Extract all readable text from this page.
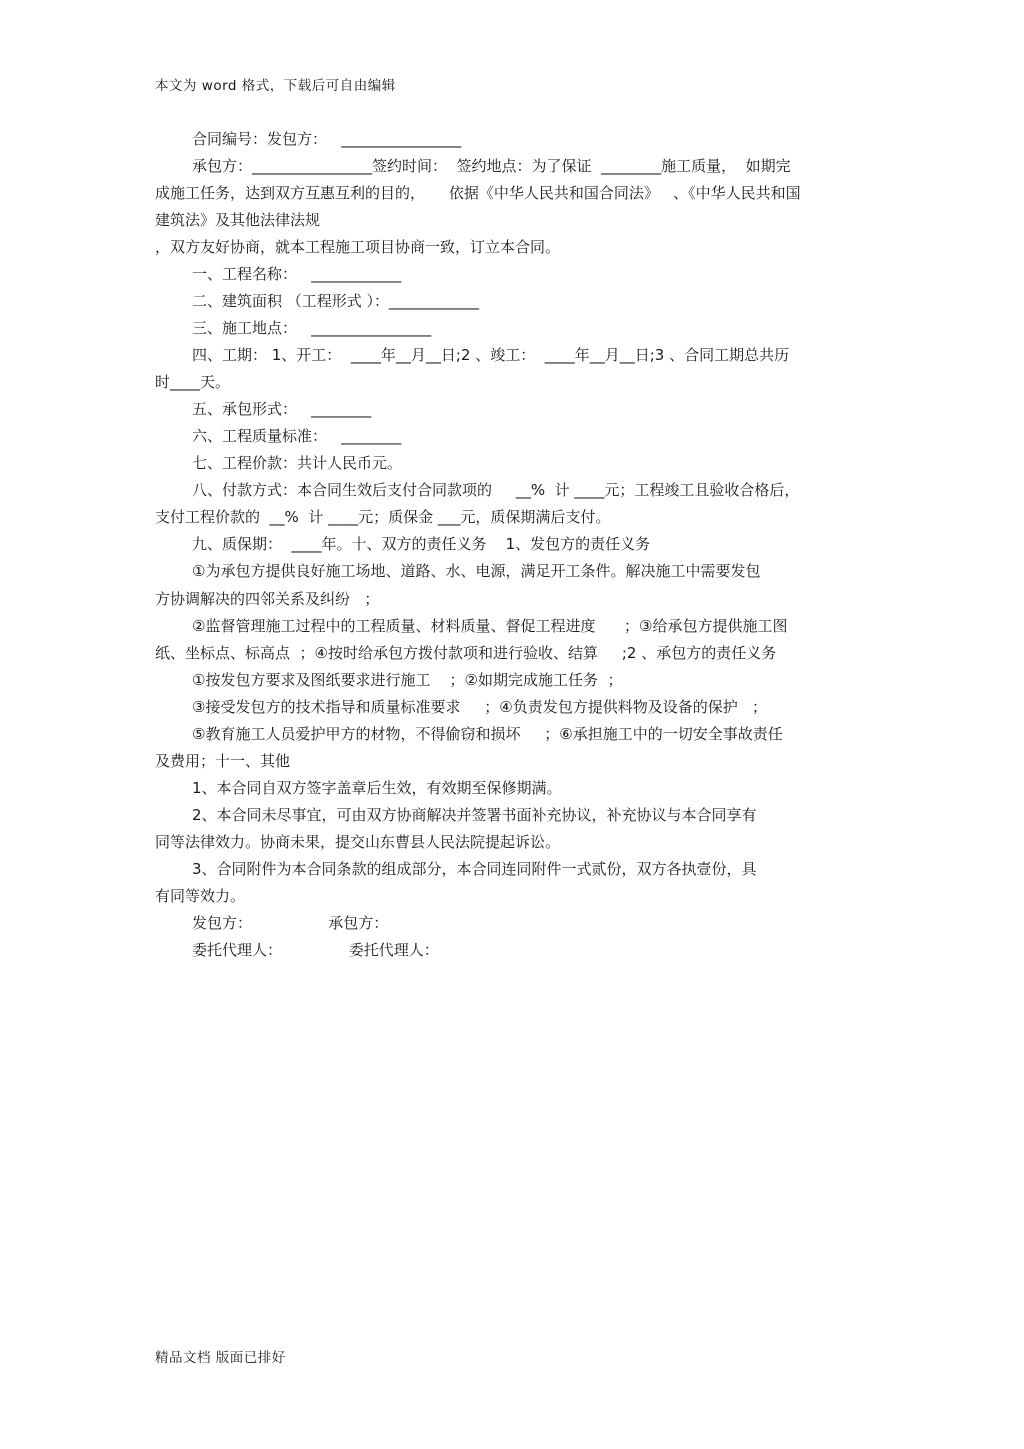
本文为 word 格式，下载后可自由编辑
合同编号：发包方：   ________________
承包方：________________签约时间：  签约地点：为了保证  ________施工质量，  如期完
成施工任务，达到双方互惠互利的目的，     依据《中华人民共和国合同法》   、《中华人民共和国
建筑法》及其他法律法规
，双方友好协商，就本工程施工项目协商一致，订立本合同。
一、工程名称：   ____________
二、建筑面积 （工程形式 ）：____________
三、施工地点：   ________________
四、工期： 1、开工：  ____年__月__日;2 、竣工：  ____年__月__日;3 、合同工期总共历
时____天。
五、承包形式：   ________
六、工程质量标准：   ________
七、工程价款：共计人民币元。
八、付款方式：本合同生效后支付合同款项的     __%  计 ____元；工程竣工且验收合格后，
支付工程价款的  __%  计 ____元；质保金 ___元，质保期满后支付。
九、质保期：  ____年。十、双方的责任义务    1、发包方的责任义务
①为承包方提供良好施工场地、道路、水、电源，满足开工条件。解决施工中需要发包
方协调解决的四邻关系及纠纷   ；
②监督管理施工过程中的工程质量、材料质量、督促工程进度      ；③给承包方提供施工图
纸、坐标点、标高点  ；④按时给承包方拨付款项和进行验收、结算     ;2 、承包方的责任义务
①按发包方要求及图纸要求进行施工    ；②如期完成施工任务  ；
③接受发包方的技术指导和质量标准要求     ；④负责发包方提供料物及设备的保护   ；
⑤教育施工人员爱护甲方的材物，不得偷窃和损坏     ；⑥承担施工中的一切安全事故责任
及费用；十一、其他
1、本合同自双方签字盖章后生效，有效期至保修期满。
2、本合同未尽事宜，可由双方协商解决并签署书面补充协议，补充协议与本合同享有
同等法律效力。协商未果，提交山东曹县人民法院提起诉讼。
3、合同附件为本合同条款的组成部分，本合同连同附件一式贰份，双方各执壹份，具
有同等效力。
发包方：                承包方：
委托代理人：              委托代理人：
精品文档 版面已排好
